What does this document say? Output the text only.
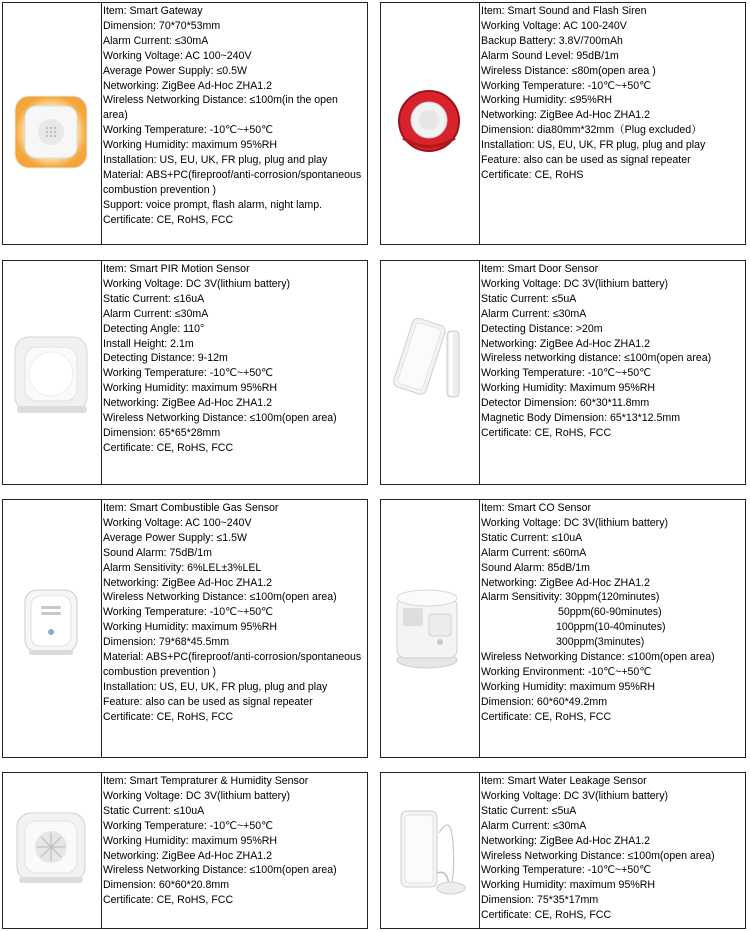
Item: Smart Gateway
Dimension: 70*70*53mm
Alarm Current: ≤30mA
Working Voltage: AC 100~240V
Average Power Supply: ≤0.5W
Networking: ZigBee Ad-Hoc ZHA1.2
Wireless Networking Distance: ≤100m(in the open area)
Working Temperature: -10℃~+50℃
Working Humidity: maximum 95%RH
Installation: US, EU, UK, FR plug, plug and play
Material: ABS+PC(fireproof/anti-corrosion/spontaneous combustion prevention )
Support: voice prompt, flash alarm, night lamp.
Certificate: CE, RoHS, FCC
Item: Smart Sound and Flash Siren
Working Voltage: AC 100-240V
Backup Battery: 3.8V/700mAh
Alarm Sound Level: 95dB/1m
Wireless Distance: ≤80m(open area )
Working Temperature: -10℃~+50℃
Working Humidity: ≤95%RH
Networking: ZigBee Ad-Hoc ZHA1.2
Dimension: dia80mm*32mm（Plug excluded）
Installation: US, EU, UK, FR plug, plug and play
Feature: also can be used as signal repeater
Certificate: CE, RoHS
Item: Smart PIR Motion Sensor
Working Voltage: DC 3V(lithium battery)
Static Current: ≤16uA
Alarm Current: ≤30mA
Detecting Angle: 110°
Install Height: 2.1m
Detecting Distance: 9-12m
Working Temperature: -10℃~+50℃
Working Humidity: maximum 95%RH
Networking: ZigBee Ad-Hoc ZHA1.2
Wireless Networking Distance: ≤100m(open area)
Dimension: 65*65*28mm
Certificate: CE, RoHS, FCC
Item: Smart Door Sensor
Working Voltage: DC 3V(lithium battery)
Static Current: ≤5uA
Alarm Current: ≤30mA
Detecting Distance: >20m
Networking: ZigBee Ad-Hoc ZHA1.2
Wireless networking distance: ≤100m(open area)
Working Temperature: -10℃~+50℃
Working Humidity: Maximum 95%RH
Detector Dimension: 60*30*11.8mm
Magnetic Body Dimension: 65*13*12.5mm
Certificate: CE, RoHS, FCC
Item: Smart Combustible Gas Sensor
Working Voltage: AC 100~240V
Average Power Supply: ≤1.5W
Sound Alarm: 75dB/1m
Alarm Sensitivity: 6%LEL±3%LEL
Networking: ZigBee Ad-Hoc ZHA1.2
Wireless Networking Distance: ≤100m(open area)
Working Temperature: -10℃~+50℃
Working Humidity: maximum 95%RH
Dimension: 79*68*45.5mm
Material: ABS+PC(fireproof/anti-corrosion/spontaneous combustion prevention )
Installation: US, EU, UK, FR plug, plug and play
Feature: also can be used as signal repeater
Certificate: CE, RoHS, FCC
Item: Smart CO Sensor
Working Voltage: DC 3V(lithium battery)
Static Current: ≤10uA
Alarm Current: ≤60mA
Sound Alarm: 85dB/1m
Networking: ZigBee Ad-Hoc ZHA1.2
Alarm Sensitivity: 30ppm(120minutes)
50ppm(60-90minutes)
100ppm(10-40minutes)
300ppm(3minutes)
Wireless Networking Distance: ≤100m(open area)
Working Environment: -10℃~+50℃
Working Humidity: maximum 95%RH
Dimension: 60*60*49.2mm
Certificate: CE, RoHS, FCC
Item: Smart Tempraturer & Humidity Sensor
Working Voltage: DC 3V(lithium battery)
Static Current: ≤10uA
Working Temperature: -10℃~+50℃
Working Humidity: maximum 95%RH
Networking: ZigBee Ad-Hoc ZHA1.2
Wireless Networking Distance: ≤100m(open area)
Dimension: 60*60*20.8mm
Certificate: CE, RoHS, FCC
Item: Smart Water Leakage Sensor
Working Voltage: DC 3V(lithium battery)
Static Current: ≤5uA
Alarm Current: ≤30mA
Networking: ZigBee Ad-Hoc ZHA1.2
Wireless Networking Distance: ≤100m(open area)
Working Temperature: -10℃~+50℃
Working Humidity: maximum 95%RH
Dimension: 75*35*17mm
Certificate: CE, RoHS, FCC
